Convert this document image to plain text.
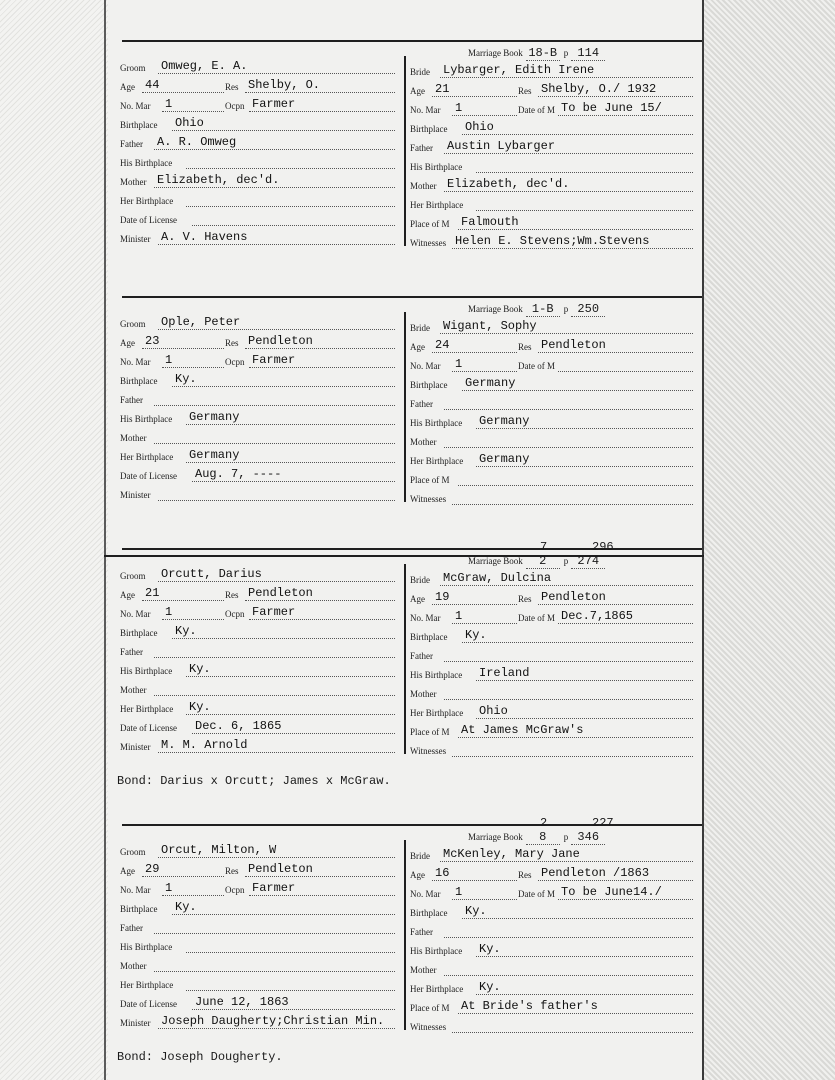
Groom Omweg, E. A.
Age 44	Res Shelby, O.
No. Mar 1	Ocpn Farmer
Birthplace Ohio
Father A. R. Omweg
His Birthplace
Mother Elizabeth, dec'd.
Her Birthplace
Date of License
Minister A. V. Havens
Marriage Book 18-B p 114
Bride Lybarger, Edith Irene
Age 21	Res Shelby, O./ 1932
No. Mar 1	Date of M To be June 15/
Birthplace Ohio
Father Austin Lybarger
His Birthplace
Mother Elizabeth, dec'd.
Her Birthplace
Place of M Falmouth
Witnesses Helen E. Stevens;Wm.Stevens
Groom Ople, Peter
Age 23	Res Pendleton
No. Mar 1	Ocpn Farmer
Birthplace Ky.
Father
His Birthplace Germany
Mother
Her Birthplace Germany
Date of License Aug. 7, ----
Minister
Marriage Book 1-B p 250
Bride Wigant, Sophy
Age 24	Res Pendleton
No. Mar 1	Date of M
Birthplace Germany
Father
His Birthplace Germany
Mother
Her Birthplace Germany
Place of M
Witnesses
Groom Orcutt, Darius
Age 21	Res Pendleton
No. Mar 1	Ocpn Farmer
Birthplace Ky.
Father
His Birthplace Ky.
Mother
Her Birthplace Ky.
Date of License Dec. 6, 1865
Minister M. M. Arnold
Marriage Book 2 p 274
7	296
Bride McGraw, Dulcina
Age 19	Res Pendleton
No. Mar 1	Date of M Dec.7,1865
Birthplace Ky.
Father
His Birthplace Ireland
Mother
Her Birthplace Ohio
Place of M At James McGraw's
Witnesses
Bond: Darius x Orcutt; James x McGraw.
Groom Orcut, Milton, W
Age 29	Res Pendleton
No. Mar 1	Ocpn Farmer
Birthplace Ky.
Father
His Birthplace
Mother
Her Birthplace
Date of License June 12, 1863
Minister Joseph Daugherty;Christian Min.
Marriage Book 8 p 346
2	227
Bride McKenley, Mary Jane
Age 16	Res Pendleton /1863
No. Mar 1	Date of M To be June14./
Birthplace Ky.
Father
His Birthplace Ky.
Mother
Her Birthplace Ky.
Place of M At Bride's father's
Witnesses
Bond: Joseph Dougherty.
